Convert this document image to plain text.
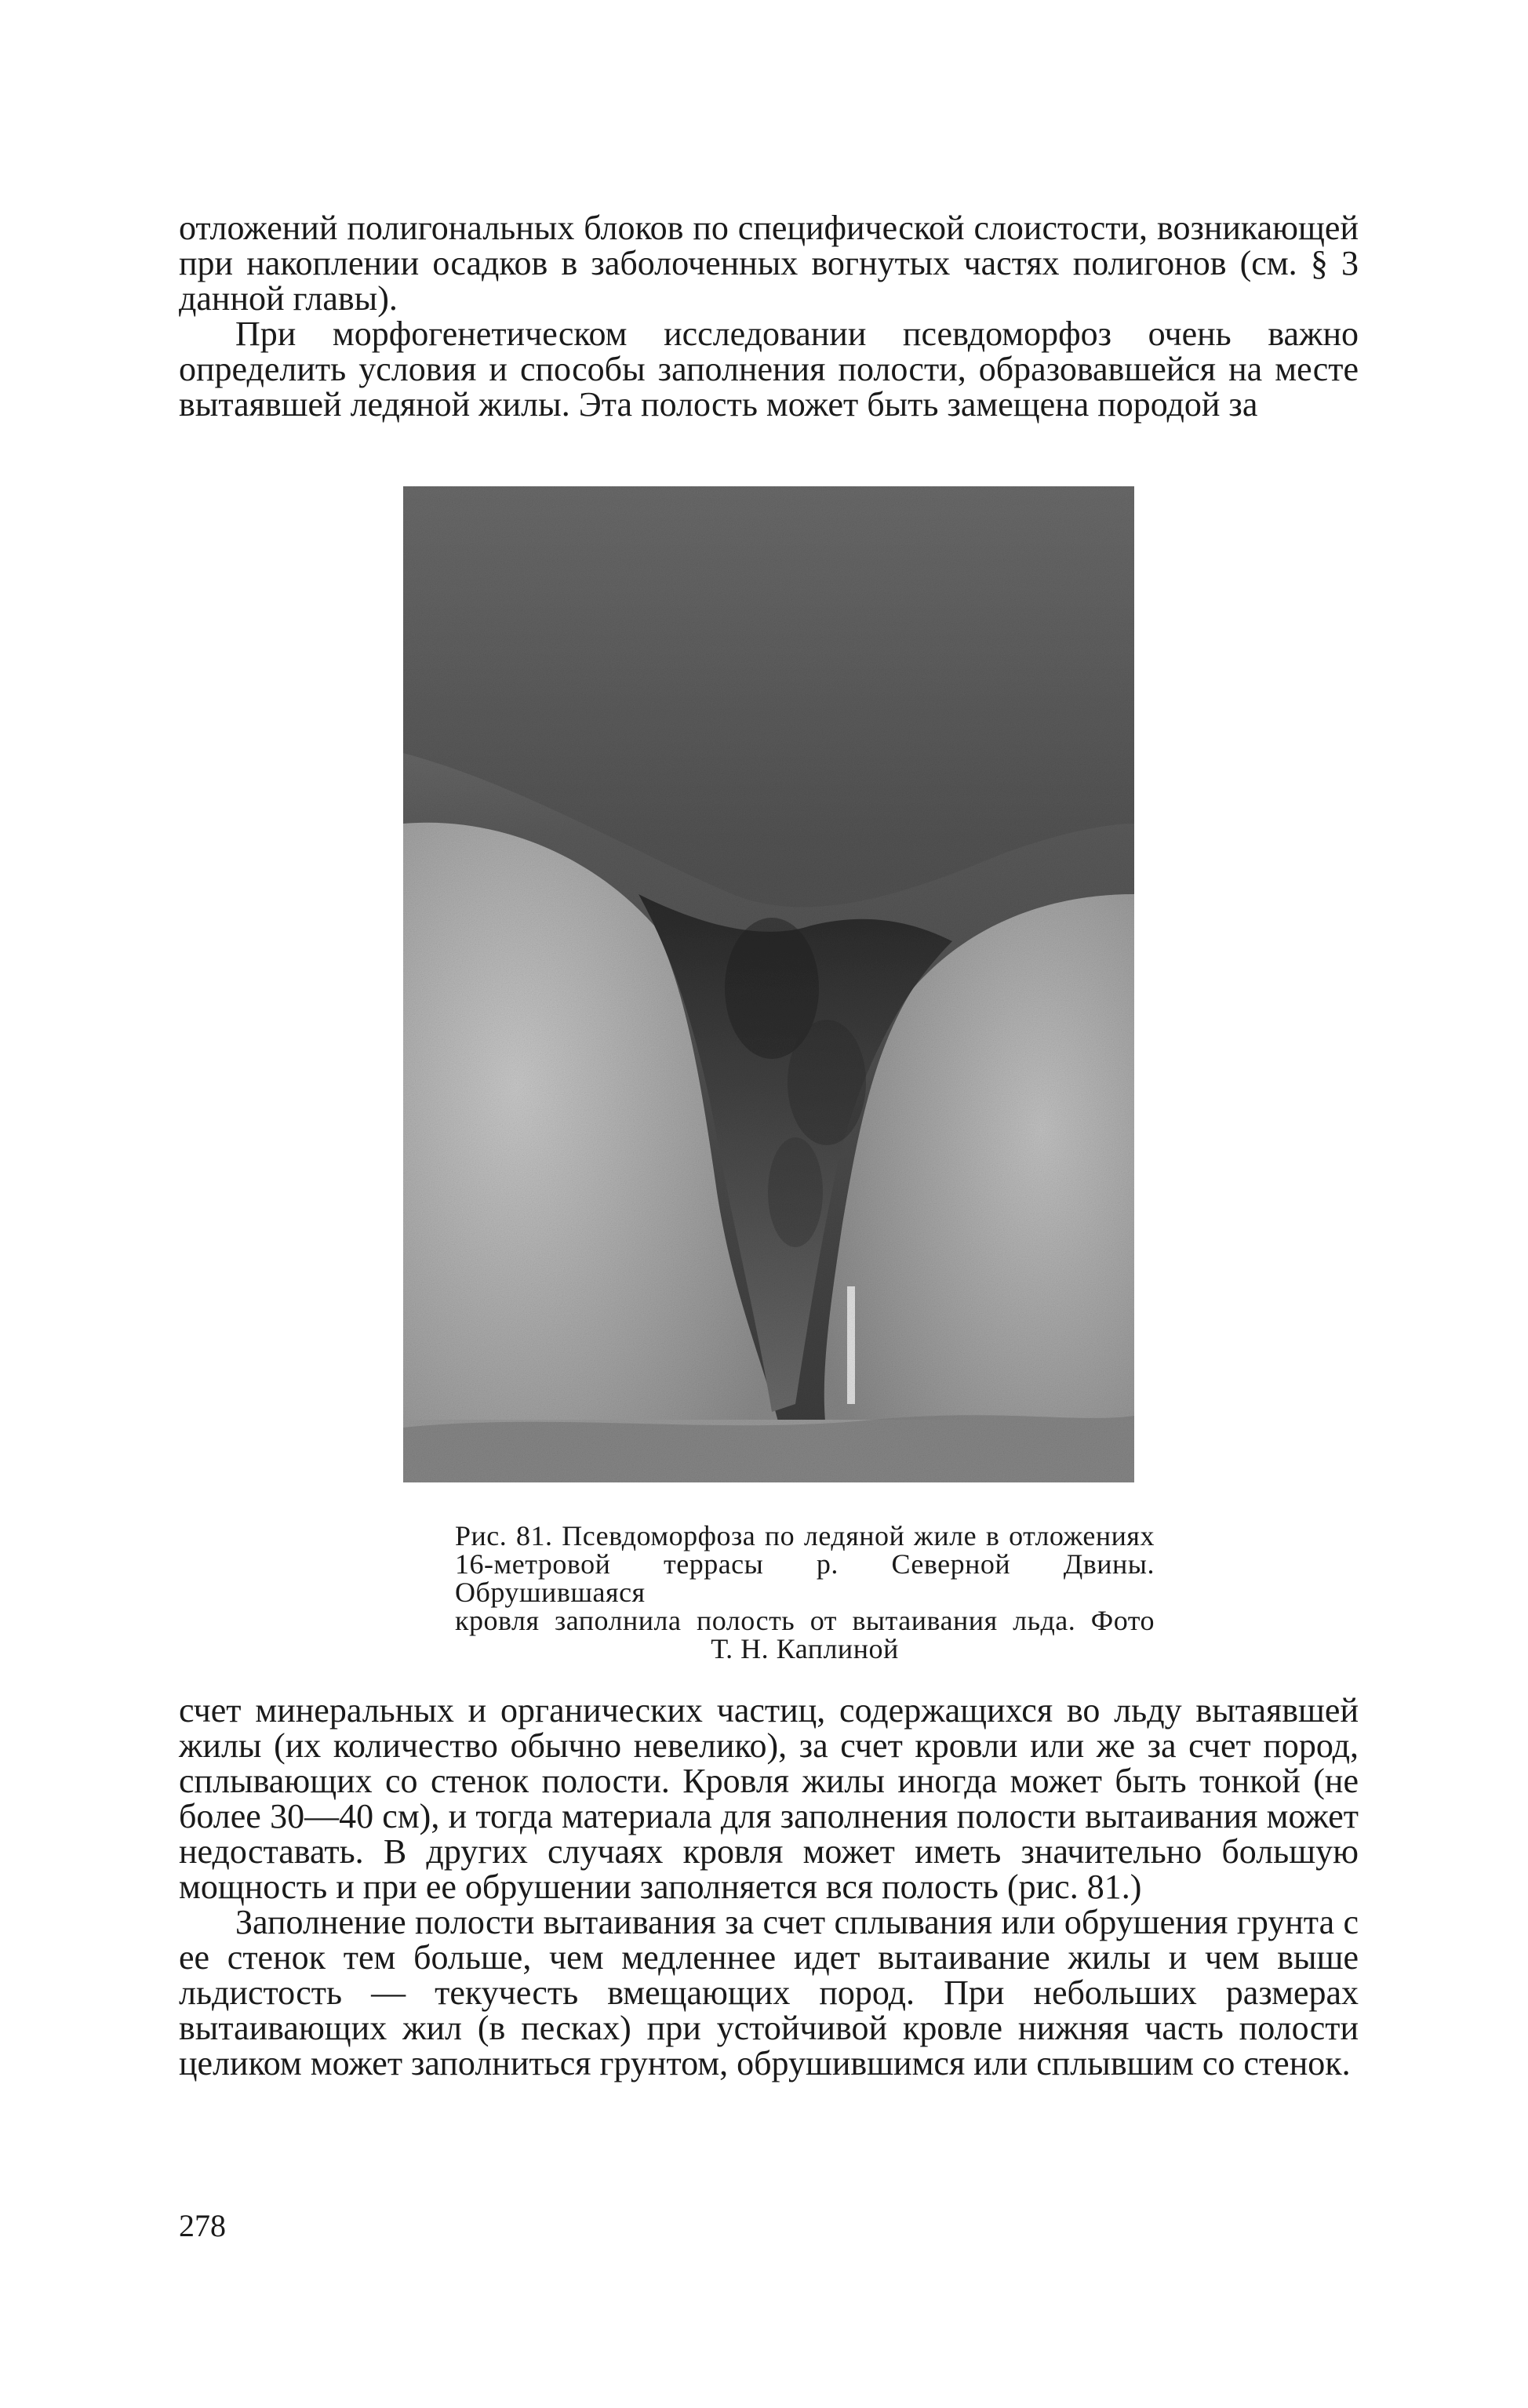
отложений полигональных блоков по специфической слоистости, возникающей при накоплении осадков в заболоченных вогнутых частях полигонов (см. § 3 данной главы).

При морфогенетическом исследовании псевдоморфоз очень важно определить условия и способы заполнения полости, образовавшейся на месте вытаявшей ледяной жилы. Эта полость может быть замещена породой за

Рис. 81. Псевдоморфоза по ледяной жиле в отложениях
16-метровой террасы р. Северной Двины. Обрушившаяся
кровля заполнила полость от вытаивания льда. Фото
Т. Н. Каплиной

счет минеральных и органических частиц, содержащихся во льду вытаявшей жилы (их количество обычно невелико), за счет кровли или же за счет пород, сплывающих со стенок полости. Кровля жилы иногда может быть тонкой (не более 30—40 см), и тогда материала для заполнения полости вытаивания может недоставать. В других случаях кровля может иметь значительно большую мощность и при ее обрушении заполняется вся полость (рис. 81.)

Заполнение полости вытаивания за счет сплывания или обрушения грунта с ее стенок тем больше, чем медленнее идет вытаивание жилы и чем выше льдистость — текучесть вмещающих пород. При небольших размерах вытаивающих жил (в песках) при устойчивой кровле нижняя часть полости целиком может заполниться грунтом, обрушившимся или сплывшим со стенок.

278
